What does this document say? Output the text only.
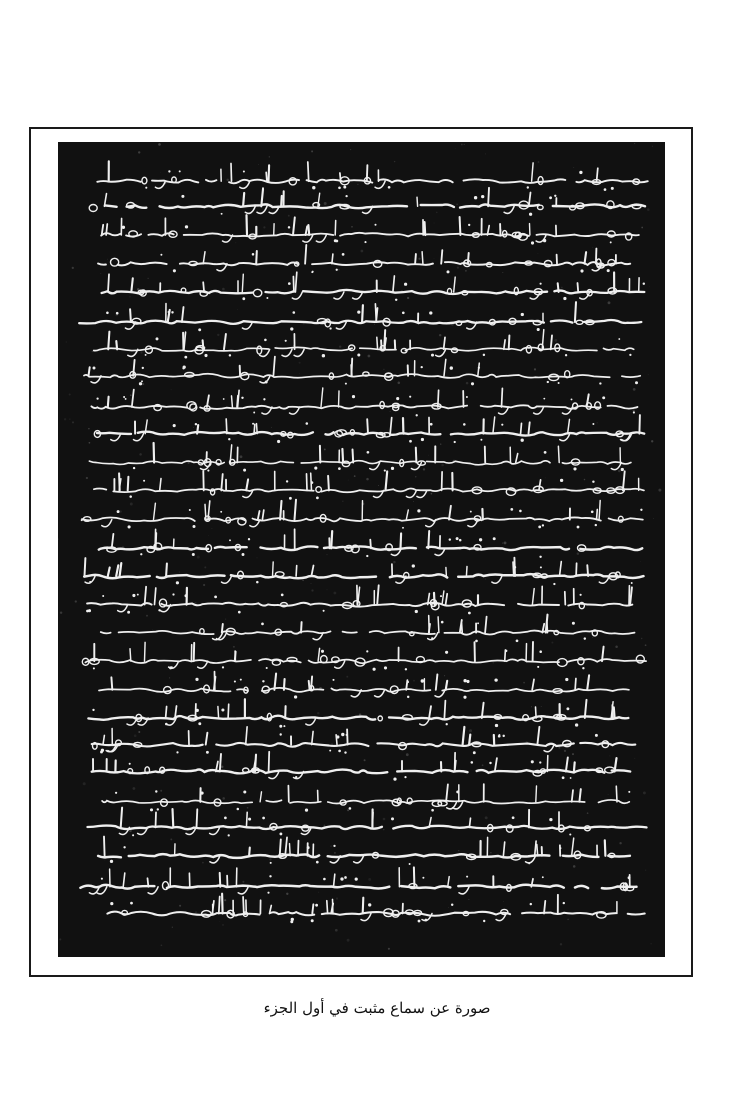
صورة عن سماع مثبت في أول الجزء
